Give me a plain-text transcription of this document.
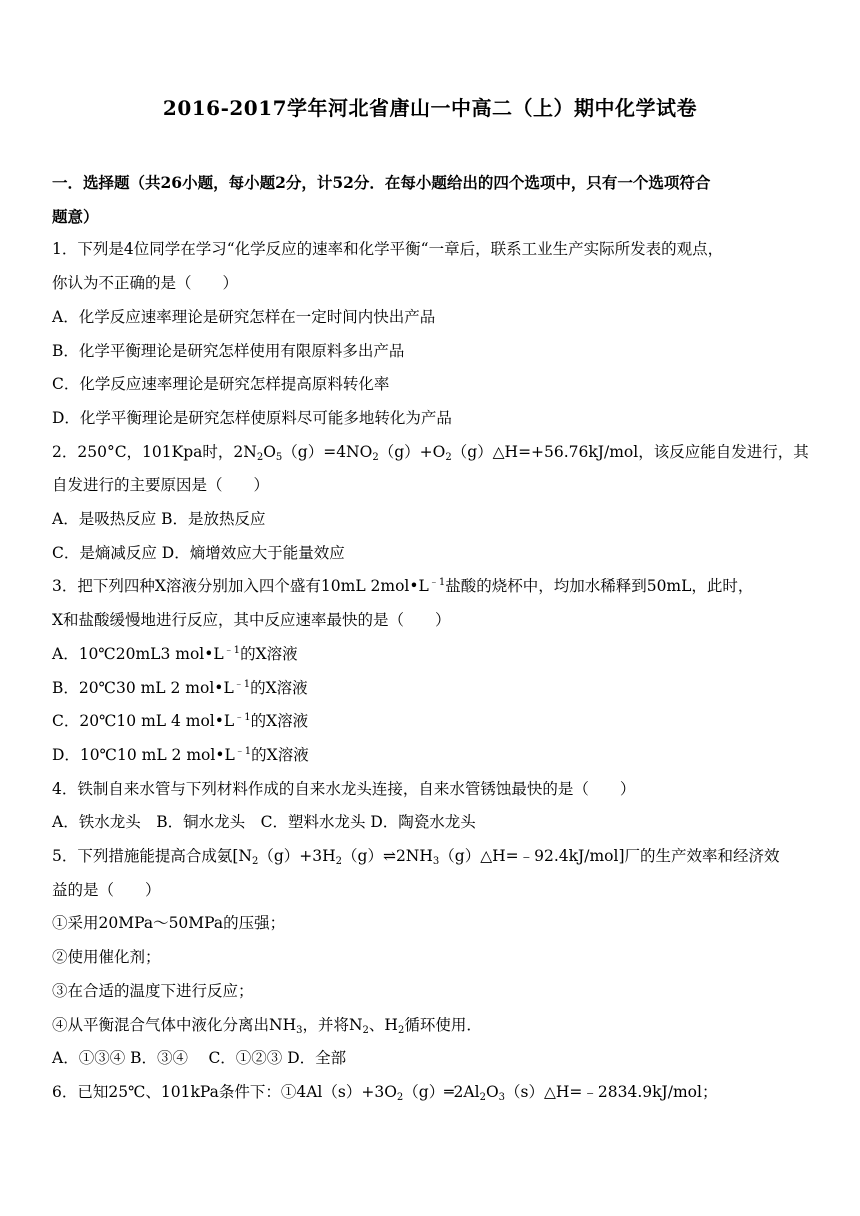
2016-2017学年河北省唐山一中高二（上）期中化学试卷

一．选择题（共26小题，每小题2分，计52分．在每小题给出的四个选项中，只有一个选项符合

题意）

1．下列是4位同学在学习“化学反应的速率和化学平衡“一章后，联系工业生产实际所发表的观点，

你认为不正确的是（　　）

A．化学反应速率理论是研究怎样在一定时间内快出产品

B．化学平衡理论是研究怎样使用有限原料多出产品

C．化学反应速率理论是研究怎样提高原料转化率

D．化学平衡理论是研究怎样使原料尽可能多地转化为产品

2．250°C，101Kpa时，$2N_2O_5(g)=4NO_2(g)+O_2(g)\triangle H=+56.76kJ$/mol，该反应能自发进行，其

自发进行的主要原因是（　　）

A．是吸热反应 B．是放热反应

C．是熵减反应 D．熵增效应大于能量效应

3．把下列四种X溶液分别加入四个盛有10mL $2mol•L^{﹣1}$盐酸的烧杯中，均加水稀释到50mL，此时，

X和盐酸缓慢地进行反应，其中反应速率最快的是（　　）

A．10℃20mL3 $mol•L^{﹣1}$的X溶液

B．20℃30 mL 2 $mol•L^{﹣1}$的X溶液

C．20℃10 mL 4 $mol•L^{﹣1}$的X溶液

D．10℃10 mL 2 $mol•L^{﹣1}$的X溶液

4．铁制自来水管与下列材料作成的自来水龙头连接，自来水管锈蚀最快的是（　　）

A．铁水龙头　B．铜水龙头　C．塑料水龙头 D．陶瓷水龙头

5．下列措施能提高合成氨$[N_2(g)+3H_2(g)\rightleftharpoons 2NH_3(g)\triangle H=﹣92.4kJ/mol]$厂的生产效率和经济效

益的是（　　）

①采用20MPa～50MPa的压强；

②使用催化剂；

③在合适的温度下进行反应；

④从平衡混合气体中液化分离出$NH_3$，并将$N_2$、$H_2$循环使用．

A．①③④ B．③④　 C．①②③ D．全部

6．已知25℃、101kPa条件下：$①4Al(s)+3O_2(g)═2Al_2O_3(s)\triangle H=﹣2834.9kJ$/mol；
